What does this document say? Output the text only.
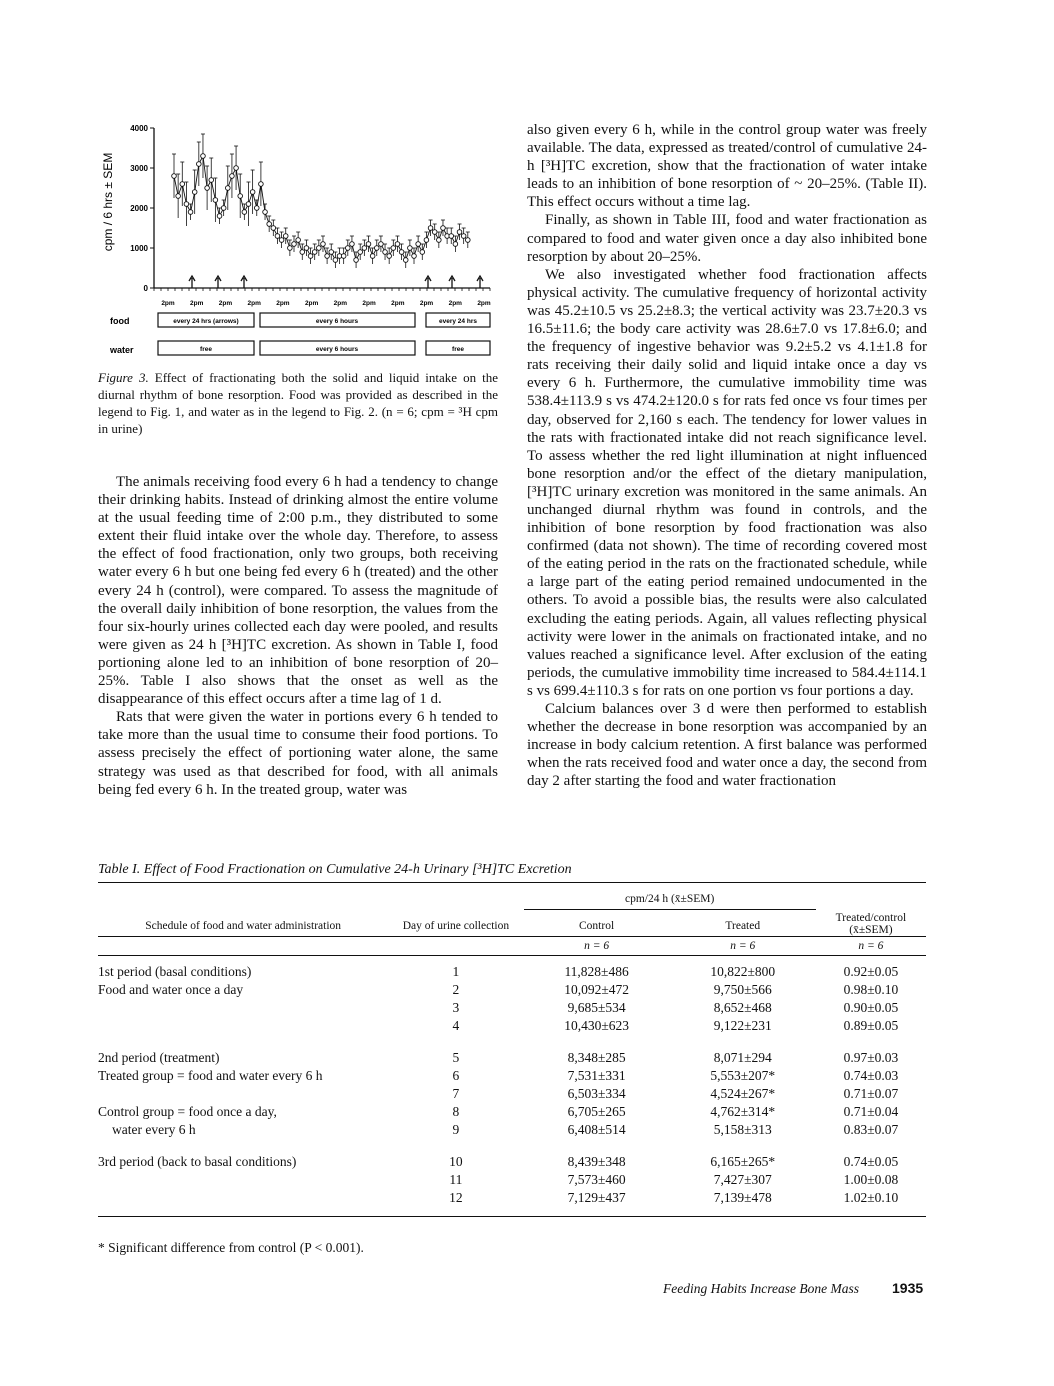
cpm / 6 hrs ± SEM
4000
3000
2000
1000
0
2pm 2pm 2pm 2pm 2pm 2pm 2pm 2pm 2pm 2pm 2pm 2pm
food	every 24 hrs (arrows)	every 6 hours	every 24 hrs
water	free	every 6 hours	free
Figure 3. Effect of fractionating both the solid and liquid intake on the diurnal rhythm of bone resorption. Food was provided as described in the legend to Fig. 1, and water as in the legend to Fig. 2. (n = 6; cpm = ³H cpm in urine)

The animals receiving food every 6 h had a tendency to change their drinking habits. Instead of drinking almost the entire volume at the usual feeding time of 2:00 p.m., they distributed to some extent their fluid intake over the whole day. Therefore, to assess the effect of food fractionation, only two groups, both receiving water every 6 h but one being fed every 6 h (treated) and the other every 24 h (control), were compared. To assess the magnitude of the overall daily inhibition of bone resorption, the values from the four six-hourly urines collected each day were pooled, and results were given as 24 h [³H]TC excretion. As shown in Table I, food portioning alone led to an inhibition of bone resorption of 20–25%. Table I also shows that the onset as well as the disappearance of this effect occurs after a time lag of 1 d.

Rats that were given the water in portions every 6 h tended to take more than the usual time to consume their food portions. To assess precisely the effect of portioning water alone, the same strategy was used as that described for food, with all animals being fed every 6 h. In the treated group, water was

also given every 6 h, while in the control group water was freely available. The data, expressed as treated/control of cumulative 24-h [³H]TC excretion, show that the fractionation of water intake leads to an inhibition of bone resorption of ~ 20–25%. (Table II). This effect occurs without a time lag.

Finally, as shown in Table III, food and water fractionation as compared to food and water given once a day also inhibited bone resorption by about 20–25%.

We also investigated whether food fractionation affects physical activity. The cumulative frequency of horizontal activity was 45.2±10.5 vs 25.2±8.3; the vertical activity was 23.7±20.3 vs 16.5±11.6; the body care activity was 28.6±7.0 vs 17.8±6.0; and the frequency of ingestive behavior was 9.2±5.2 vs 4.1±1.8 for rats receiving their daily solid and liquid intake once a day vs every 6 h. Furthermore, the cumulative immobility time was 538.4±113.9 s vs 474.2±120.0 s for rats fed once vs four times per day, observed for 2,160 s each. The tendency for lower values in the rats with fractionated intake did not reach significance level. To assess whether the red light illumination at night influenced bone resorption and/or the effect of the dietary manipulation, [³H]TC urinary excretion was monitored in the same animals. An unchanged diurnal rhythm was found in controls, and the inhibition of bone resorption by food fractionation was also confirmed (data not shown). The time of recording covered most of the eating period in the rats on the fractionated schedule, while a large part of the eating period remained undocumented in the others. To avoid a possible bias, the results were also calculated excluding the eating periods. Again, all values reflecting physical activity were lower in the animals on fractionated intake, and no values reached a significance level. After exclusion of the eating periods, the cumulative immobility time increased to 584.4±114.1 s vs 699.4±110.3 s for rats on one portion vs four portions a day.

Calcium balances over 3 d were then performed to establish whether the decrease in bone resorption was accompanied by an increase in body calcium retention. A first balance was performed when the rats received food and water once a day, the second from day 2 after starting the food and water fractionation

Table I. Effect of Food Fractionation on Cumulative 24-h Urinary [³H]TC Excretion

		cpm/24 h (x̄±SEM)		
Schedule of food and water administration	Day of urine collection	Control	Treated	Treated/control (x̄±SEM)
		n = 6	n = 6	n = 6

1st period (basal conditions)	1	11,828±486	10,822±800	0.92±0.05
Food and water once a day	2	10,092±472	9,750±566	0.98±0.10
	3	9,685±534	8,652±468	0.90±0.05
	4	10,430±623	9,122±231	0.89±0.05
2nd period (treatment)	5	8,348±285	8,071±294	0.97±0.03
Treated group = food and water every 6 h	6	7,531±331	5,553±207*	0.74±0.03
	7	6,503±334	4,524±267*	0.71±0.07
Control group = food once a day,	8	6,705±265	4,762±314*	0.71±0.04
water every 6 h	9	6,408±514	5,158±313	0.83±0.07
3rd period (back to basal conditions)	10	8,439±348	6,165±265*	0.74±0.05
	11	7,573±460	7,427±307	1.00±0.08
	12	7,129±437	7,139±478	1.02±0.10

* Significant difference from control (P < 0.001).
Feeding Habits Increase Bone Mass 1935
